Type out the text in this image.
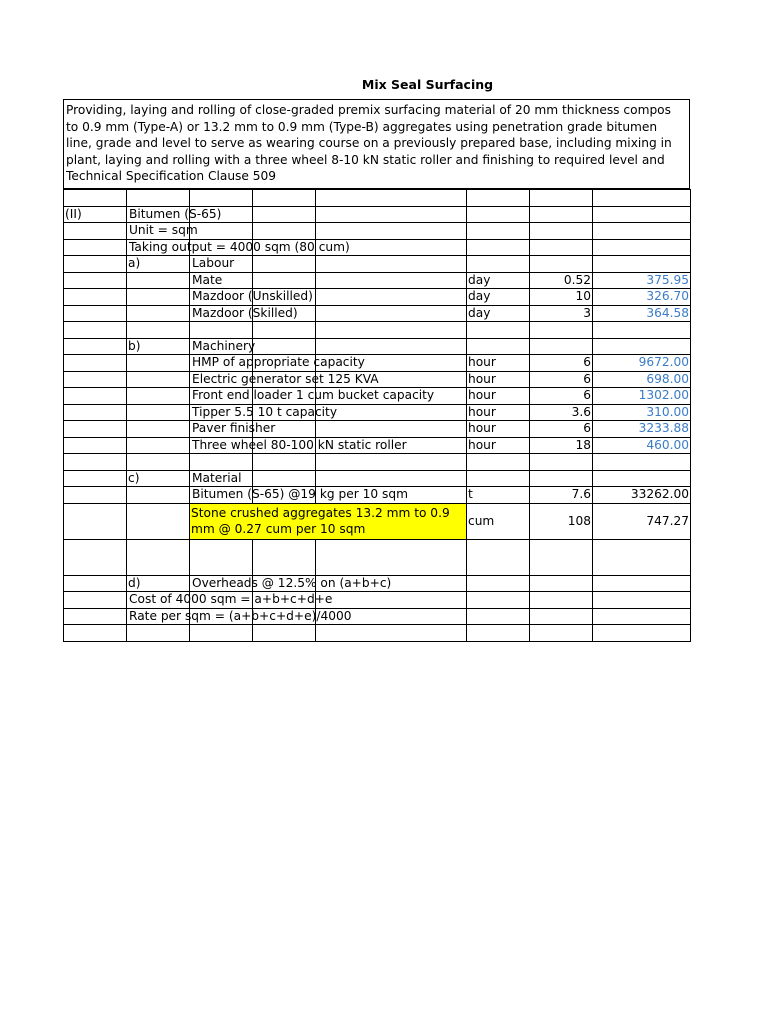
Mix Seal Surfacing
Providing, laying and rolling of close-graded premix surfacing material of 20 mm thickness compos
to 0.9 mm (Type-A) or 13.2 mm to 0.9 mm (Type-B) aggregates using penetration grade bitumen
line, grade and level to serve as wearing course on a previously prepared base, including mixing in
plant, laying and rolling with a three wheel 8-10 kN static roller and finishing to required level and
Technical Specification Clause 509

(II)	Bitumen (S-65)						

	Unit = sqm						

	Taking output = 4000 sqm (80 cum)						

	a)	Labour					

		Mate			day	0.52	375.95

		Mazdoor (Unskilled)			day	10	326.70

		Mazdoor (Skilled)			day	3	364.58

	b)	Machinery					

		HMP of appropriate capacity			hour	6	9672.00

		Electric generator set 125 KVA			hour	6	698.00

		Front end loader 1 cum bucket capacity			hour	6	1302.00

		Tipper 5.5 10 t capacity			hour	3.6	310.00

		Paver finisher			hour	6	3233.88

		Three wheel 80-100 kN static roller			hour	18	460.00

	c)	Material					

		Bitumen (S-65) @19 kg per 10 sqm			t	7.6	33262.00
		Stone crushed aggregates 13.2 mm to 0.9 mm @ 0.27 cum per 10 sqm			cum	108	747.27

	d)	Overheads @ 12.5% on (a+b+c)					

	Cost of 4000 sqm = a+b+c+d+e						

	Rate per sqm = (a+b+c+d+e)/4000						
